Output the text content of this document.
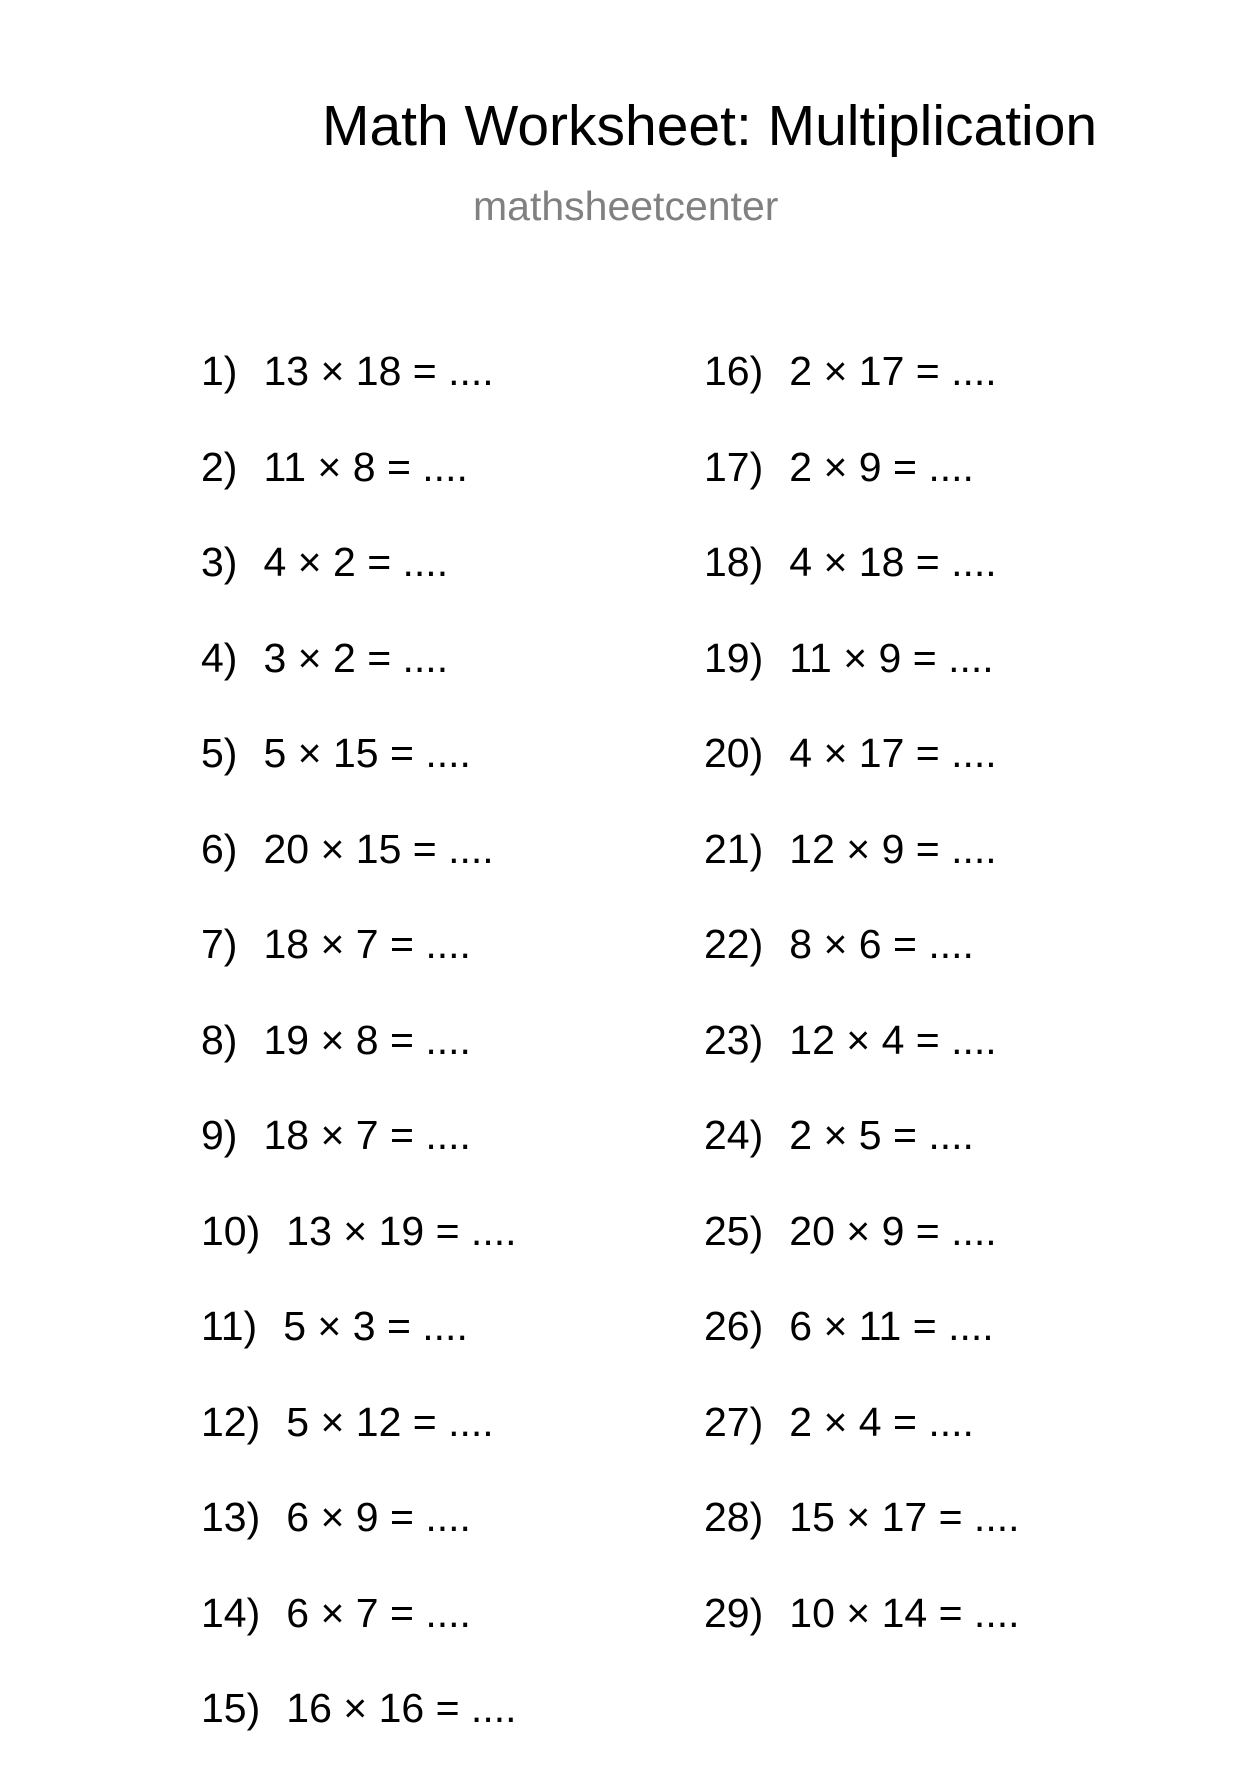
Math Worksheet: Multiplication
mathsheetcenter
1) 13 × 18 = ....
2) 11 × 8 = ....
3) 4 × 2 = ....
4) 3 × 2 = ....
5) 5 × 15 = ....
6) 20 × 15 = ....
7) 18 × 7 = ....
8) 19 × 8 = ....
9) 18 × 7 = ....
10) 13 × 19 = ....
11) 5 × 3 = ....
12) 5 × 12 = ....
13) 6 × 9 = ....
14) 6 × 7 = ....
15) 16 × 16 = ....
16) 2 × 17 = ....
17) 2 × 9 = ....
18) 4 × 18 = ....
19) 11 × 9 = ....
20) 4 × 17 = ....
21) 12 × 9 = ....
22) 8 × 6 = ....
23) 12 × 4 = ....
24) 2 × 5 = ....
25) 20 × 9 = ....
26) 6 × 11 = ....
27) 2 × 4 = ....
28) 15 × 17 = ....
29) 10 × 14 = ....
